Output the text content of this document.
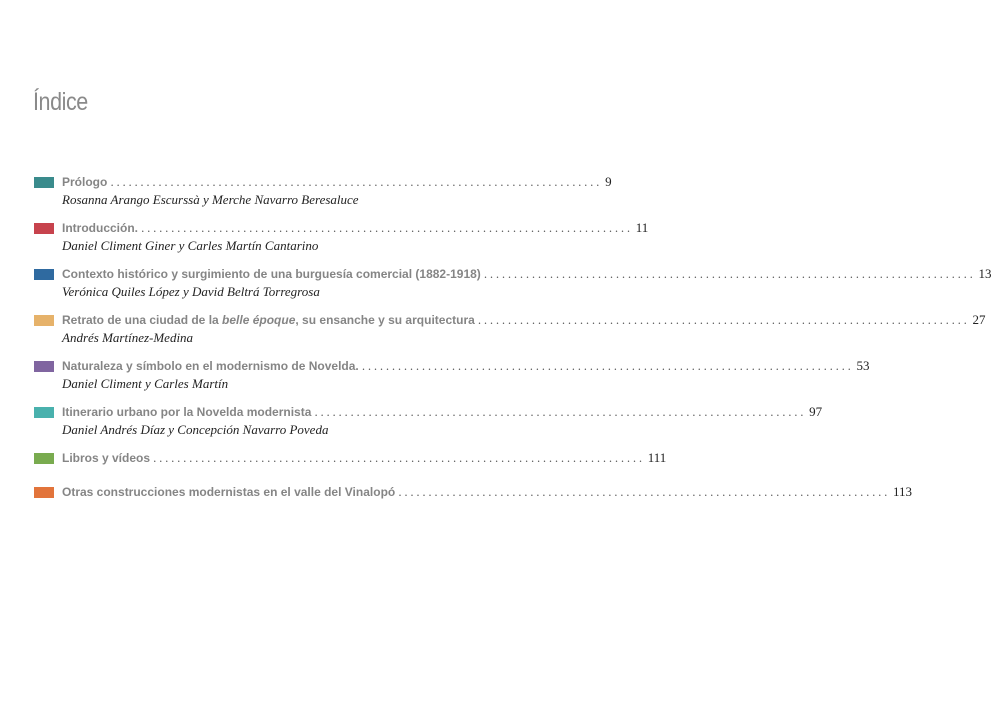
Índice
Prólogo .................................................................................. 9
Rosanna Arango Escurssà y Merche Navarro Beresaluce
Introducción. .................................................................................. 11
Daniel Climent Giner y Carles Martín Cantarino
Contexto histórico y surgimiento de una burguesía comercial (1882-1918) .................................................................................. 13
Verónica Quiles López y David Beltrá Torregrosa
Retrato de una ciudad de la belle époque, su ensanche y su arquitectura .................................................................................. 27
Andrés Martínez-Medina
Naturaleza y símbolo en el modernismo de Novelda. .................................................................................. 53
Daniel Climent y Carles Martín
Itinerario urbano por la Novelda modernista .................................................................................. 97
Daniel Andrés Díaz y Concepción Navarro Poveda
Libros y vídeos .................................................................................. 111
Otras construcciones modernistas en el valle del Vinalopó .................................................................................. 113
